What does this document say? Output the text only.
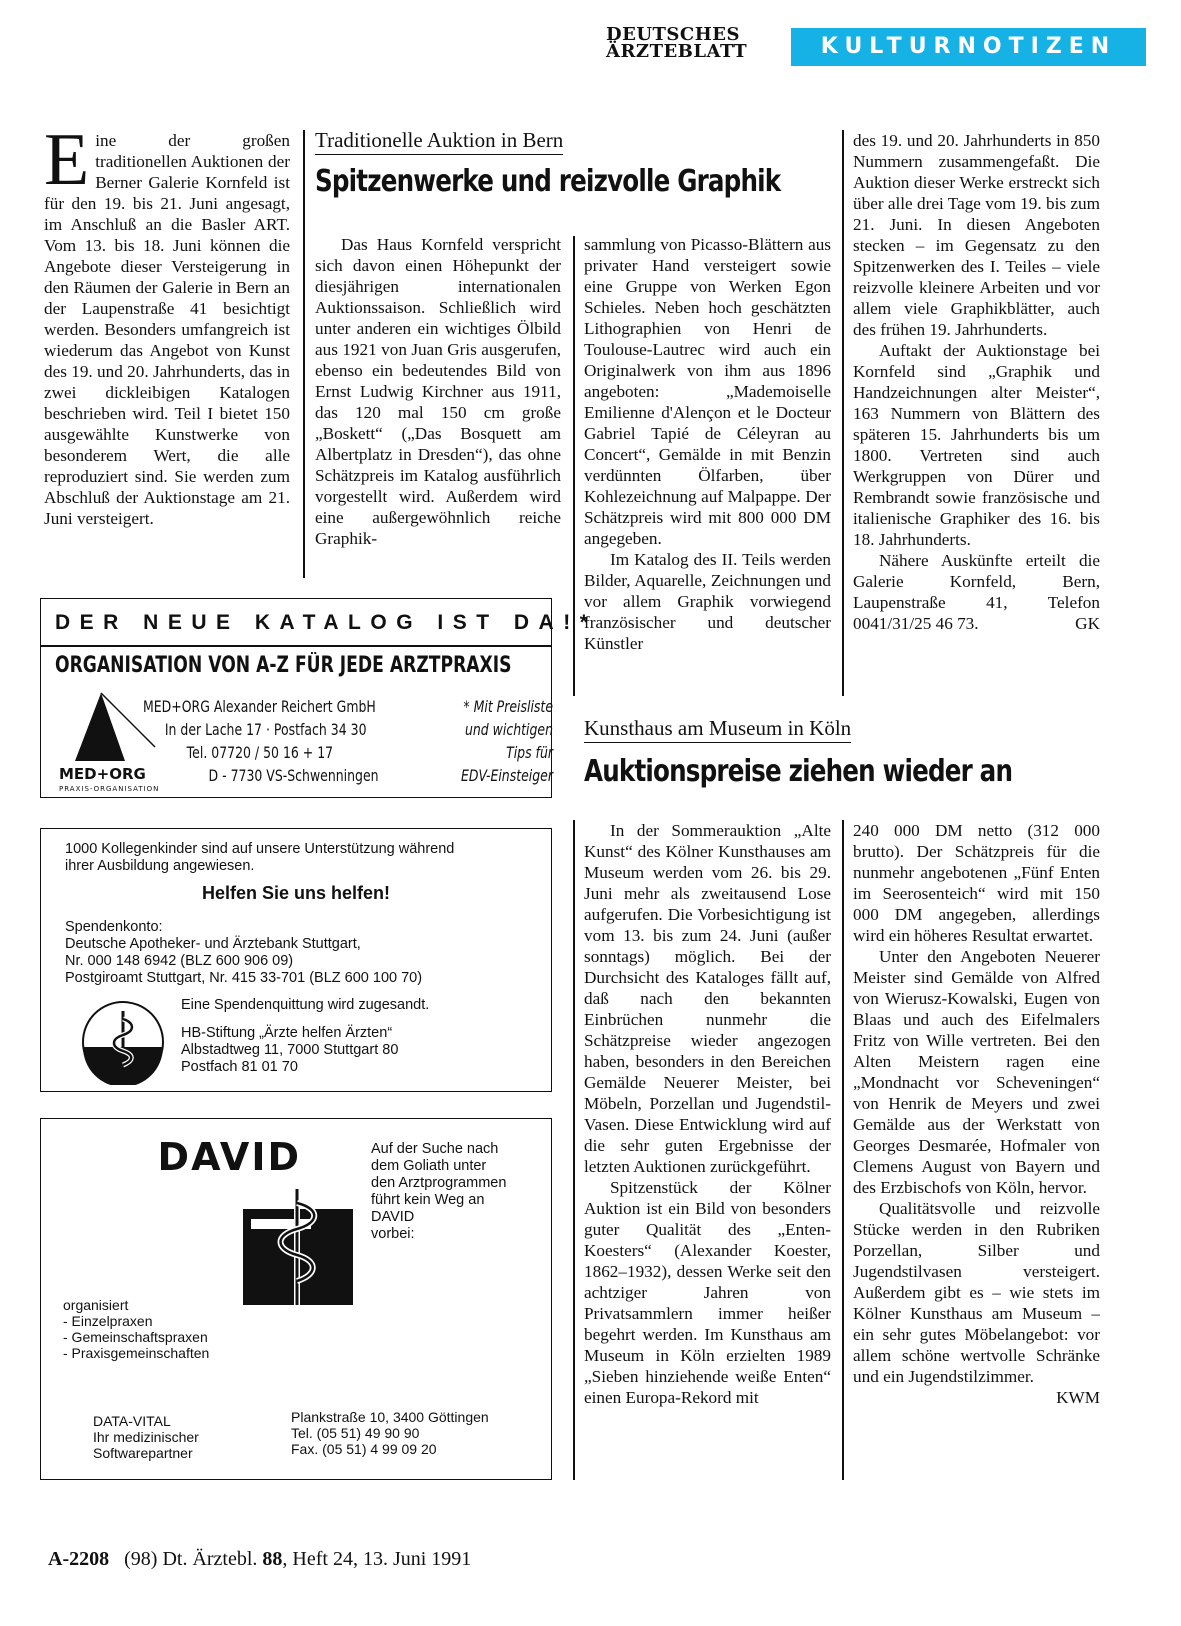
DEUTSCHES
ÄRZTEBLATT	KULTURNOTIZEN

Eine der großen traditionellen Auktionen der Berner Galerie Kornfeld ist für den 19. bis 21. Juni angesagt, im Anschluß an die Basler ART. Vom 13. bis 18. Juni können die Angebote dieser Versteigerung in den Räumen der Galerie in Bern an der Laupenstraße 41 besichtigt werden. Besonders umfangreich ist wiederum das Angebot von Kunst des 19. und 20. Jahrhunderts, das in zwei dickleibigen Katalogen beschrieben wird. Teil I bietet 150 ausgewählte Kunstwerke von besonderem Wert, die alle reproduziert sind. Sie werden zum Abschluß der Auktionstage am 21. Juni versteigert.

Traditionelle Auktion in Bern
Spitzenwerke und reizvolle Graphik

Das Haus Kornfeld verspricht sich davon einen Höhepunkt der diesjährigen internationalen Auktionssaison. Schließlich wird unter anderen ein wichtiges Ölbild aus 1921 von Juan Gris ausgerufen, ebenso ein bedeutendes Bild von Ernst Ludwig Kirchner aus 1911, das 120 mal 150 cm große „Boskett“ („Das Bosquett am Albertplatz in Dresden“), das ohne Schätzpreis im Katalog ausführlich vorgestellt wird. Außerdem wird eine außergewöhnlich reiche Graphik-

sammlung von Picasso-Blättern aus privater Hand versteigert sowie eine Gruppe von Werken Egon Schieles. Neben hoch geschätzten Lithographien von Henri de Toulouse-Lautrec wird auch ein Originalwerk von ihm aus 1896 angeboten: „Mademoiselle Emilienne d'Alençon et le Docteur Gabriel Tapié de Céleyran au Concert“, Gemälde in mit Benzin verdünnten Ölfarben, über Kohlezeichnung auf Malpappe. Der Schätzpreis wird mit 800 000 DM angegeben.

Im Katalog des II. Teils werden Bilder, Aquarelle, Zeichnungen und vor allem Graphik vorwiegend französischer und deutscher Künstler

des 19. und 20. Jahrhunderts in 850 Nummern zusammengefaßt. Die Auktion dieser Werke erstreckt sich über alle drei Tage vom 19. bis zum 21. Juni. In diesen Angeboten stecken – im Gegensatz zu den Spitzenwerken des I. Teiles – viele reizvolle kleinere Arbeiten und vor allem viele Graphikblätter, auch des frühen 19. Jahrhunderts.

Auftakt der Auktionstage bei Kornfeld sind „Graphik und Handzeichnungen alter Meister“, 163 Nummern von Blättern des späteren 15. Jahrhunderts bis um 1800. Vertreten sind auch Werkgruppen von Dürer und Rembrandt sowie französische und italienische Graphiker des 16. bis 18. Jahrhunderts.

Nähere Auskünfte erteilt die Galerie Kornfeld, Bern, Laupenstraße 41, Telefon 0041/31/25 46 73.	GK

DER NEUE KATALOG IST DA!*
ORGANISATION VON A-Z FÜR JEDE ARZTPRAXIS
MED+ORG
PRAXIS-ORGANISATION
MED+ORG Alexander Reichert GmbH
In der Lache 17 · Postfach 34 30
Tel. 07720 / 50 16 + 17
D - 7730 VS-Schwenningen
* Mit Preisliste
und wichtigen
Tips für
EDV-Einsteiger
1000 Kollegenkinder sind auf unsere Unterstützung während
ihrer Ausbildung angewiesen.
Helfen Sie uns helfen!
Spendenkonto:
Deutsche Apotheker- und Ärztebank Stuttgart,
Nr. 000 148 6942 (BLZ 600 906 09)
Postgiroamt Stuttgart, Nr. 415 33-701 (BLZ 600 100 70)
Eine Spendenquittung wird zugesandt.
HB-Stiftung „Ärzte helfen Ärzten“
Albstadtweg 11, 7000 Stuttgart 80
Postfach 81 01 70
DAVID	Auf der Suche nach
dem Goliath unter
den Arztprogrammen
führt kein Weg an
DAVID
vorbei:
organisiert
- Einzelpraxen
- Gemeinschaftspraxen
- Praxisgemeinschaften
DATA-VITAL
Ihr medizinischer
Softwarepartner
Plankstraße 10, 3400 Göttingen
Tel. (05 51) 49 90 90
Fax. (05 51) 4 99 09 20
Kunsthaus am Museum in Köln
Auktionspreise ziehen wieder an

In der Sommerauktion „Alte Kunst“ des Kölner Kunsthauses am Museum werden vom 26. bis 29. Juni mehr als zweitausend Lose aufgerufen. Die Vorbesichtigung ist vom 13. bis zum 24. Juni (außer sonntags) möglich. Bei der Durchsicht des Kataloges fällt auf, daß nach den bekannten Einbrüchen nunmehr die Schätzpreise wieder angezogen haben, besonders in den Bereichen Gemälde Neuerer Meister, bei Möbeln, Porzellan und Jugendstil-Vasen. Diese Entwicklung wird auf die sehr guten Ergebnisse der letzten Auktionen zurückgeführt.

Spitzenstück der Kölner Auktion ist ein Bild von besonders guter Qualität des „Enten-Koesters“ (Alexander Koester, 1862–1932), dessen Werke seit den achtziger Jahren von Privatsammlern immer heißer begehrt werden. Im Kunsthaus am Museum in Köln erzielten 1989 „Sieben hinziehende weiße Enten“ einen Europa-Rekord mit

240 000 DM netto (312 000 brutto). Der Schätzpreis für die nunmehr angebotenen „Fünf Enten im Seerosenteich“ wird mit 150 000 DM angegeben, allerdings wird ein höheres Resultat erwartet.

Unter den Angeboten Neuerer Meister sind Gemälde von Alfred von Wierusz-Kowalski, Eugen von Blaas und auch des Eifelmalers Fritz von Wille vertreten. Bei den Alten Meistern ragen eine „Mondnacht vor Scheveningen“ von Henrik de Meyers und zwei Gemälde aus der Werkstatt von Georges Desmarée, Hofmaler von Clemens August von Bayern und des Erzbischofs von Köln, hervor.

Qualitätsvolle und reizvolle Stücke werden in den Rubriken Porzellan, Silber und Jugendstilvasen versteigert. Außerdem gibt es – wie stets im Kölner Kunsthaus am Museum – ein sehr gutes Möbelangebot: vor allem schöne wertvolle Schränke und ein Jugendstilzimmer.
KWM

A-2208 (98) Dt. Ärztebl. 88, Heft 24, 13. Juni 1991
